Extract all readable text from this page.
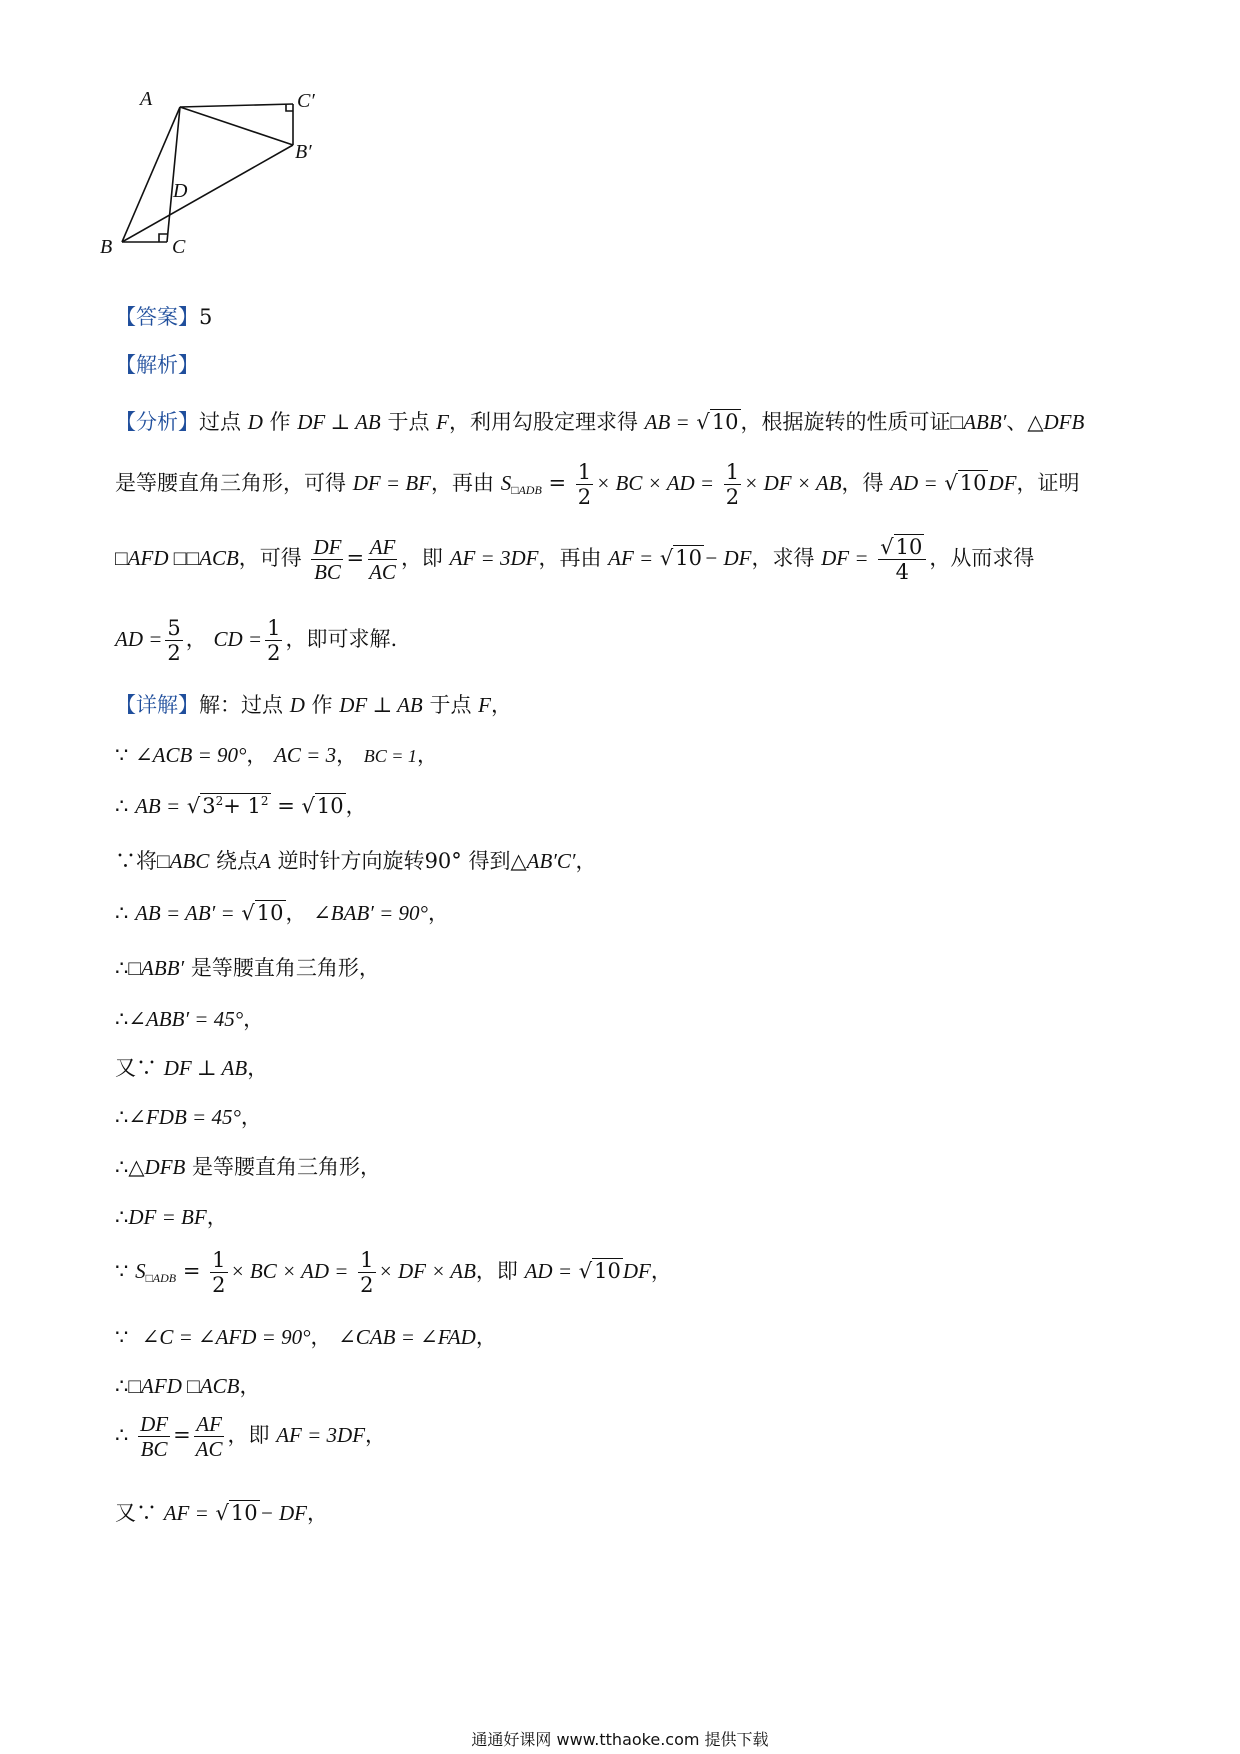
A	C′
B′
D
B	C
【答案】5
【解析】
【分析】过点 D 作 DF ⊥ AB 于点 F，利用勾股定理求得 AB = √10，根据旋转的性质可证□ABB′、△DFB
是等腰直角三角形，可得 DF = BF，再由 $S_{□ADB} = \frac{1}{2}$ × BC × AD = $\frac{1}{2}$ × DF × AB，得 AD = √10DF，证明
□AFD □□ACB，可得 $\frac{DF}{BC} = \frac{AF}{AC}$ ，即 AF = 3DF，再由 AF = √10− DF，求得 DF = $\frac{√10}{4}$ ，从而求得
AD = $\frac{5}{2}$ ， CD = $\frac{1}{2}$ ，即可求解.
【详解】解：过点 D 作 DF ⊥ AB 于点 F，
∵ ∠ACB = 90°， AC = 3， BC = 1，
∴ AB = $√3^2+ 1^2 = √10$，
∵将□ABC 绕点A 逆时针方向旋转90° 得到△AB′C′，
∴ AB = AB′ = √10， ∠BAB′ = 90°，
∴□ABB′ 是等腰直角三角形，
∴∠ABB′ = 45°，
又∵ DF ⊥ AB，
∴∠FDB = 45°，
∴△DFB 是等腰直角三角形，
∴DF = BF，
∵ $S_{□ADB} = \frac{1}{2}$ × BC × AD = $\frac{1}{2}$ × DF × AB，即 AD = √10DF，
∵ ∠C = ∠AFD = 90°， ∠CAB = ∠FAD，
∴□AFD □ACB，
∴ $\frac{DF}{BC} = \frac{AF}{AC}$ ，即 AF = 3DF，
又∵ AF = √10− DF，
通通好课网 www.tthaoke.com 提供下载
